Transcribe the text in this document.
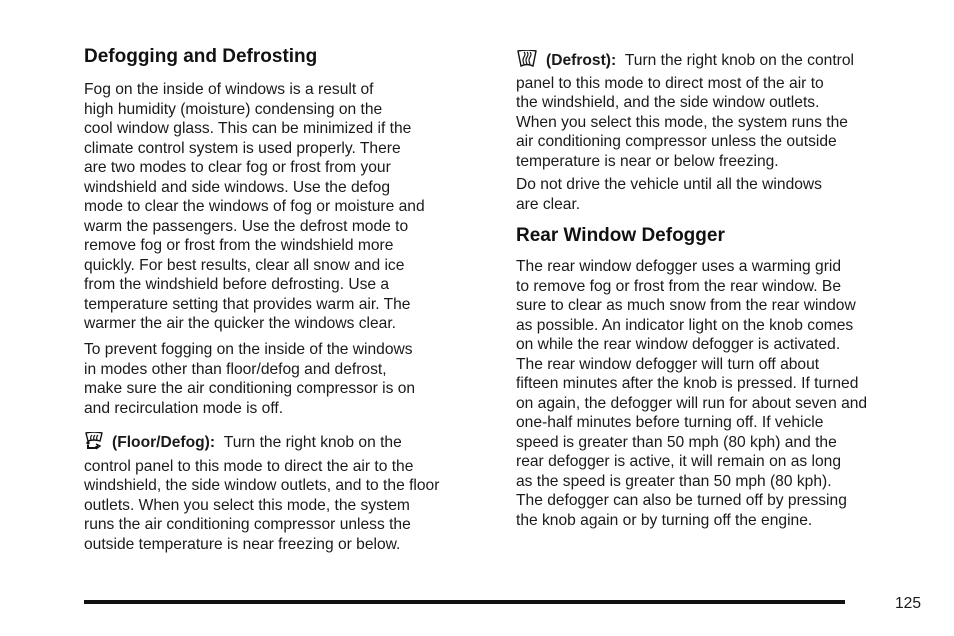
Defogging and Defrosting

Fog on the inside of windows is a result of
high humidity (moisture) condensing on the
cool window glass. This can be minimized if the
climate control system is used properly. There
are two modes to clear fog or frost from your
windshield and side windows. Use the defog
mode to clear the windows of fog or moisture and
warm the passengers. Use the defrost mode to
remove fog or frost from the windshield more
quickly. For best results, clear all snow and ice
from the windshield before defrosting. Use a
temperature setting that provides warm air. The
warmer the air the quicker the windows clear.

To prevent fogging on the inside of the windows
in modes other than floor/defog and defrost,
make sure the air conditioning compressor is on
and recirculation mode is off.

(Floor/Defog): Turn the right knob on the
control panel to this mode to direct the air to the
windshield, the side window outlets, and to the floor
outlets. When you select this mode, the system
runs the air conditioning compressor unless the
outside temperature is near freezing or below.

(Defrost): Turn the right knob on the control
panel to this mode to direct most of the air to
the windshield, and the side window outlets.
When you select this mode, the system runs the
air conditioning compressor unless the outside
temperature is near or below freezing.

Do not drive the vehicle until all the windows
are clear.

Rear Window Defogger

The rear window defogger uses a warming grid
to remove fog or frost from the rear window. Be
sure to clear as much snow from the rear window
as possible. An indicator light on the knob comes
on while the rear window defogger is activated.
The rear window defogger will turn off about
fifteen minutes after the knob is pressed. If turned
on again, the defogger will run for about seven and
one-half minutes before turning off. If vehicle
speed is greater than 50 mph (80 kph) and the
rear defogger is active, it will remain on as long
as the speed is greater than 50 mph (80 kph).
The defogger can also be turned off by pressing
the knob again or by turning off the engine.

125
